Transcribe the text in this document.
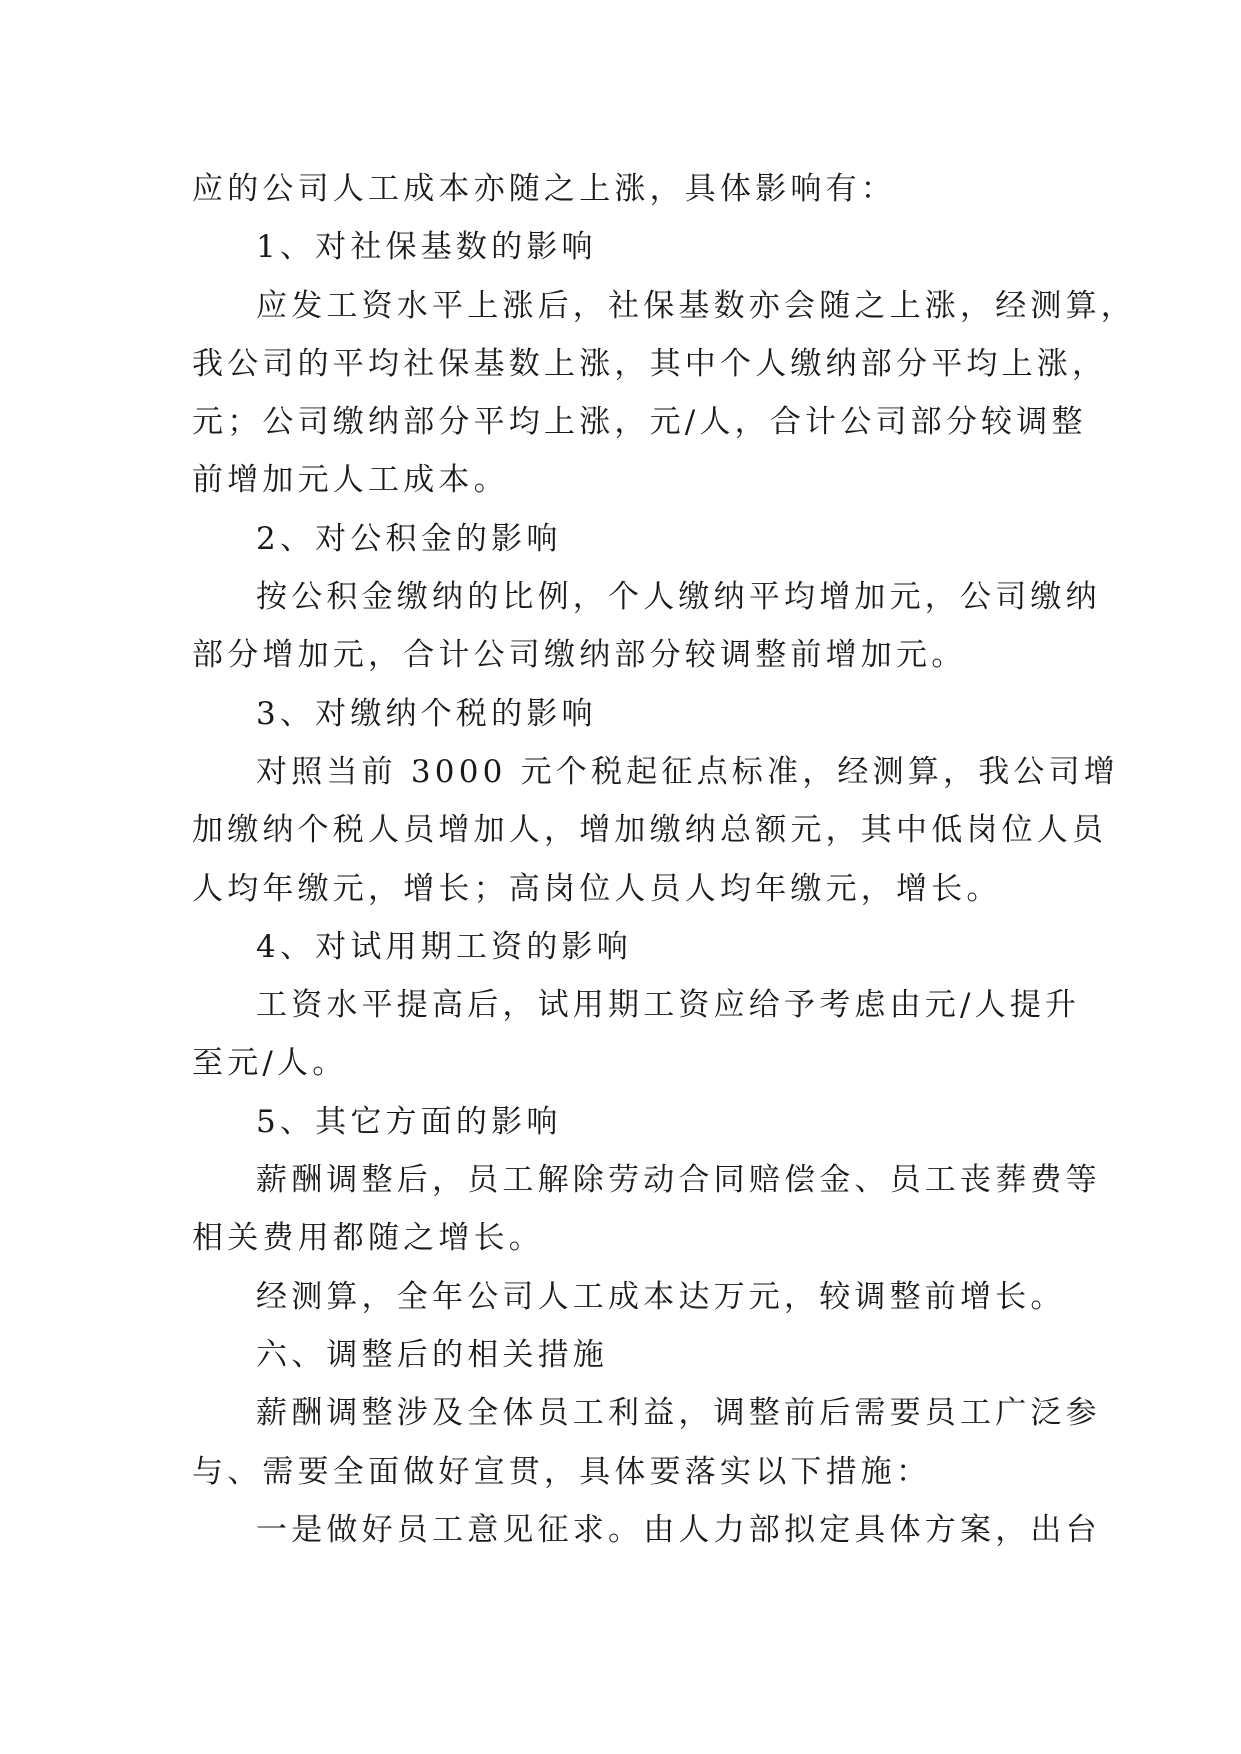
应的公司人工成本亦随之上涨，具体影响有：
1、对社保基数的影响
应发工资水平上涨后，社保基数亦会随之上涨，经测算，
我公司的平均社保基数上涨，其中个人缴纳部分平均上涨，
元；公司缴纳部分平均上涨，元/人，合计公司部分较调整
前增加元人工成本。
2、对公积金的影响
按公积金缴纳的比例，个人缴纳平均增加元，公司缴纳
部分增加元，合计公司缴纳部分较调整前增加元。
3、对缴纳个税的影响
对照当前 3000 元个税起征点标准，经测算，我公司增
加缴纳个税人员增加人，增加缴纳总额元，其中低岗位人员
人均年缴元，增长；高岗位人员人均年缴元，增长。
4、对试用期工资的影响
工资水平提高后，试用期工资应给予考虑由元/人提升
至元/人。
5、其它方面的影响
薪酬调整后，员工解除劳动合同赔偿金、员工丧葬费等
相关费用都随之增长。
经测算，全年公司人工成本达万元，较调整前增长。
六、调整后的相关措施
薪酬调整涉及全体员工利益，调整前后需要员工广泛参
与、需要全面做好宣贯，具体要落实以下措施：
一是做好员工意见征求。由人力部拟定具体方案，出台
